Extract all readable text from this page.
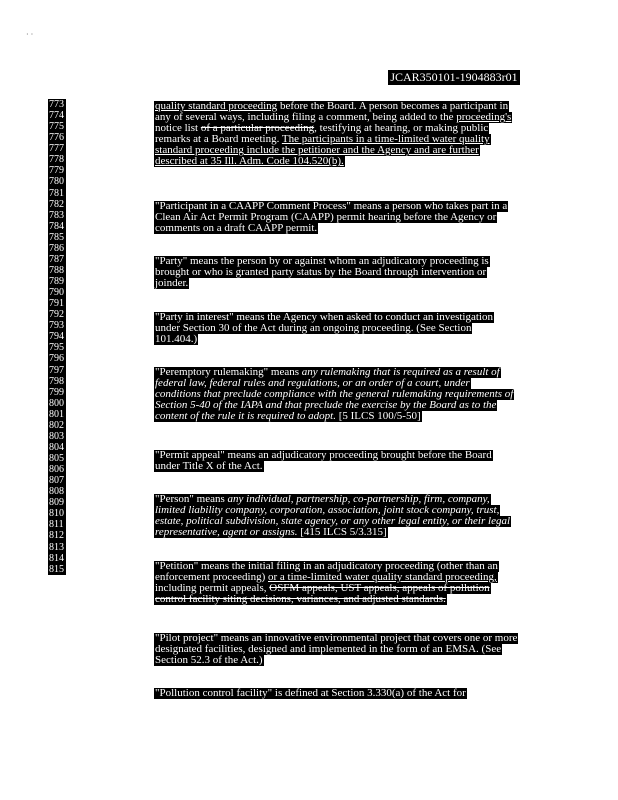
· ·
JCAR350101-1904883r01
773
774
775
776
777
778
779
780
781
782
783
784
785
786
787
788
789
790
791
792
793
794
795
796
797
798
799
800
801
802
803
804
805
806
807
808
809
810
811
812
813
814
815
quality standard proceeding before the Board. A person becomes a participant in
any of several ways, including filing a comment, being added to the proceeding's
notice list of a particular proceeding, testifying at hearing, or making public
remarks at a Board meeting. The participants in a time-limited water quality
standard proceeding include the petitioner and the Agency and are further
described at 35 Ill. Adm. Code 104.520(b).
"Participant in a CAAPP Comment Process" means a person who takes part in a
Clean Air Act Permit Program (CAAPP) permit hearing before the Agency or
comments on a draft CAAPP permit.
"Party" means the person by or against whom an adjudicatory proceeding is
brought or who is granted party status by the Board through intervention or
joinder.
"Party in interest" means the Agency when asked to conduct an investigation
under Section 30 of the Act during an ongoing proceeding. (See Section
101.404.)
"Peremptory rulemaking" means any rulemaking that is required as a result of
federal law, federal rules and regulations, or an order of a court, under
conditions that preclude compliance with the general rulemaking requirements of
Section 5-40 of the IAPA and that preclude the exercise by the Board as to the
content of the rule it is required to adopt. [5 ILCS 100/5-50]
"Permit appeal" means an adjudicatory proceeding brought before the Board
under Title X of the Act.
"Person" means any individual, partnership, co-partnership, firm, company,
limited liability company, corporation, association, joint stock company, trust,
estate, political subdivision, state agency, or any other legal entity, or their legal
representative, agent or assigns. [415 ILCS 5/3.315]
"Petition" means the initial filing in an adjudicatory proceeding (other than an
enforcement proceeding) or a time-limited water quality standard proceeding,
including permit appeals, OSFM appeals, UST appeals, appeals of pollution
control facility siting decisions, variances, and adjusted standards.
"Pilot project" means an innovative environmental project that covers one or more
designated facilities, designed and implemented in the form of an EMSA. (See
Section 52.3 of the Act.)
"Pollution control facility" is defined at Section 3.330(a) of the Act for purposes
